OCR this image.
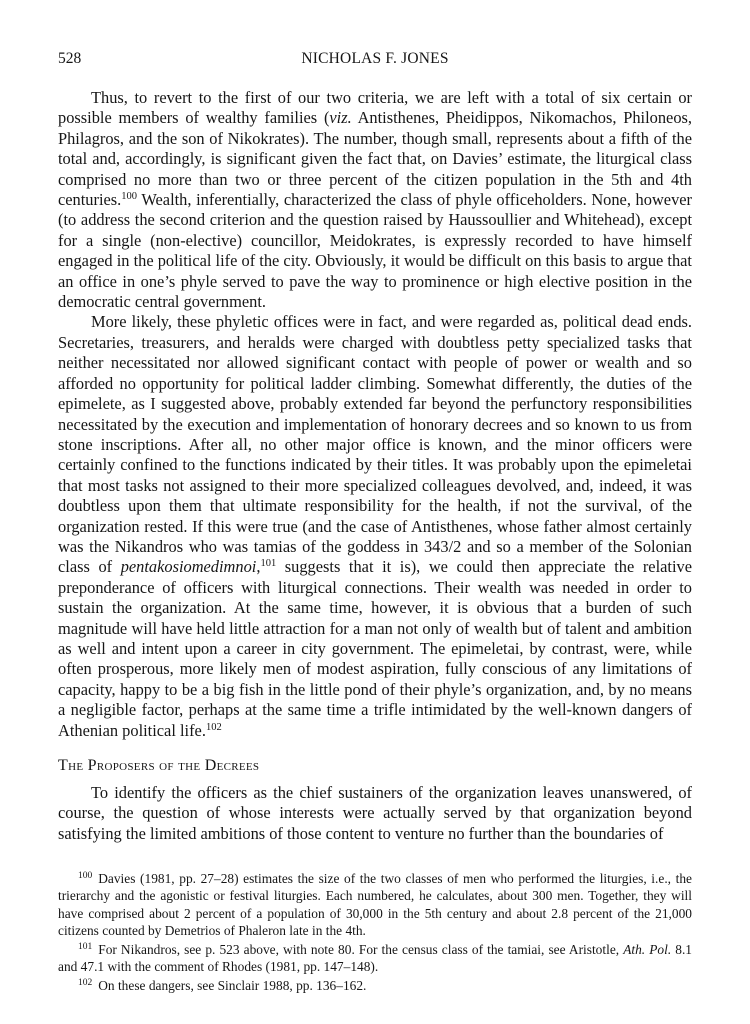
528	NICHOLAS F. JONES

Thus, to revert to the first of our two criteria, we are left with a total of six certain or possible members of wealthy families (viz. Antisthenes, Pheidippos, Nikomachos, Philoneos, Philagros, and the son of Nikokrates). The number, though small, represents about a fifth of the total and, accordingly, is significant given the fact that, on Davies’ estimate, the liturgical class comprised no more than two or three percent of the citizen population in the 5th and 4th centuries.$^{100}$ Wealth, inferentially, characterized the class of phyle officeholders. None, however (to address the second criterion and the question raised by Haussoullier and Whitehead), except for a single (non-elective) councillor, Meidokrates, is expressly recorded to have himself engaged in the political life of the city. Obviously, it would be difficult on this basis to argue that an office in one’s phyle served to pave the way to prominence or high elective position in the democratic central government.

More likely, these phyletic offices were in fact, and were regarded as, political dead ends. Secretaries, treasurers, and heralds were charged with doubtless petty specialized tasks that neither necessitated nor allowed significant contact with people of power or wealth and so afforded no opportunity for political ladder climbing. Somewhat differently, the duties of the epimelete, as I suggested above, probably extended far beyond the perfunctory responsibilities necessitated by the execution and implementation of honorary decrees and so known to us from stone inscriptions. After all, no other major office is known, and the minor officers were certainly confined to the functions indicated by their titles. It was probably upon the epimeletai that most tasks not assigned to their more specialized colleagues devolved, and, indeed, it was doubtless upon them that ultimate responsibility for the health, if not the survival, of the organization rested. If this were true (and the case of Antisthenes, whose father almost certainly was the Nikandros who was tamias of the goddess in 343/2 and so a member of the Solonian class of pentakosiomedimnoi,$^{101}$ suggests that it is), we could then appreciate the relative preponderance of officers with liturgical connections. Their wealth was needed in order to sustain the organization. At the same time, however, it is obvious that a burden of such magnitude will have held little attraction for a man not only of wealth but of talent and ambition as well and intent upon a career in city government. The epimeletai, by contrast, were, while often prosperous, more likely men of modest aspiration, fully conscious of any limitations of capacity, happy to be a big fish in the little pond of their phyle’s organization, and, by no means a negligible factor, perhaps at the same time a trifle intimidated by the well-known dangers of Athenian political life.$^{102}$

The Proposers of the Decrees

To identify the officers as the chief sustainers of the organization leaves unanswered, of course, the question of whose interests were actually served by that organization beyond satisfying the limited ambitions of those content to venture no further than the boundaries of

$^{100}$ Davies (1981, pp. 27–28) estimates the size of the two classes of men who performed the liturgies, i.e., the trierarchy and the agonistic or festival liturgies. Each numbered, he calculates, about 300 men. Together, they will have comprised about 2 percent of a population of 30,000 in the 5th century and about 2.8 percent of the 21,000 citizens counted by Demetrios of Phaleron late in the 4th.

$^{101}$ For Nikandros, see p. 523 above, with note 80. For the census class of the tamiai, see Aristotle, Ath. Pol. 8.1 and 47.1 with the comment of Rhodes (1981, pp. 147–148).

$^{102}$ On these dangers, see Sinclair 1988, pp. 136–162.
